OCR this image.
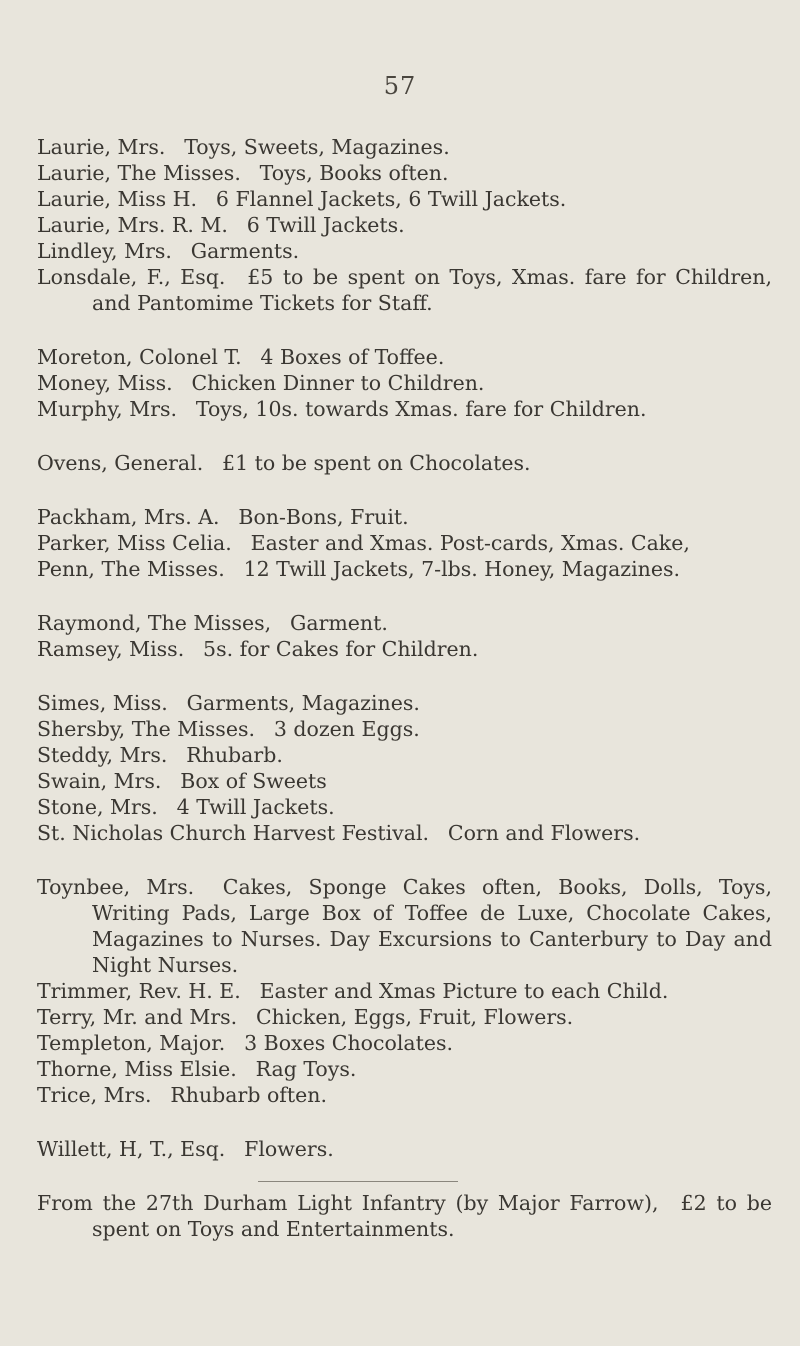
57

Laurie, Mrs. Toys, Sweets, Magazines.

Laurie, The Misses. Toys, Books often.

Laurie, Miss H. 6 Flannel Jackets, 6 Twill Jackets.

Laurie, Mrs. R. M. 6 Twill Jackets.

Lindley, Mrs. Garments.

Lonsdale, F., Esq. £5 to be spent on Toys, Xmas. fare for Children, and Pantomime Tickets for Staff.

Moreton, Colonel T. 4 Boxes of Toffee.

Money, Miss. Chicken Dinner to Children.

Murphy, Mrs. Toys, 10s. towards Xmas. fare for Children.

Ovens, General. £1 to be spent on Chocolates.

Packham, Mrs. A. Bon-Bons, Fruit.

Parker, Miss Celia. Easter and Xmas. Post-cards, Xmas. Cake,

Penn, The Misses. 12 Twill Jackets, 7-lbs. Honey, Magazines.

Raymond, The Misses, Garment.

Ramsey, Miss. 5s. for Cakes for Children.

Simes, Miss. Garments, Magazines.

Shersby, The Misses. 3 dozen Eggs.

Steddy, Mrs. Rhubarb.

Swain, Mrs. Box of Sweets

Stone, Mrs. 4 Twill Jackets.

St. Nicholas Church Harvest Festival. Corn and Flowers.

Toynbee, Mrs. Cakes, Sponge Cakes often, Books, Dolls, Toys, Writing Pads, Large Box of Toffee de Luxe, Chocolate Cakes, Magazines to Nurses. Day Excursions to Canterbury to Day and Night Nurses.

Trimmer, Rev. H. E. Easter and Xmas Picture to each Child.

Terry, Mr. and Mrs. Chicken, Eggs, Fruit, Flowers.

Templeton, Major. 3 Boxes Chocolates.

Thorne, Miss Elsie. Rag Toys.

Trice, Mrs. Rhubarb often.

Willett, H, T., Esq. Flowers.

From the 27th Durham Light Infantry (by Major Farrow), £2 to be spent on Toys and Entertainments.
